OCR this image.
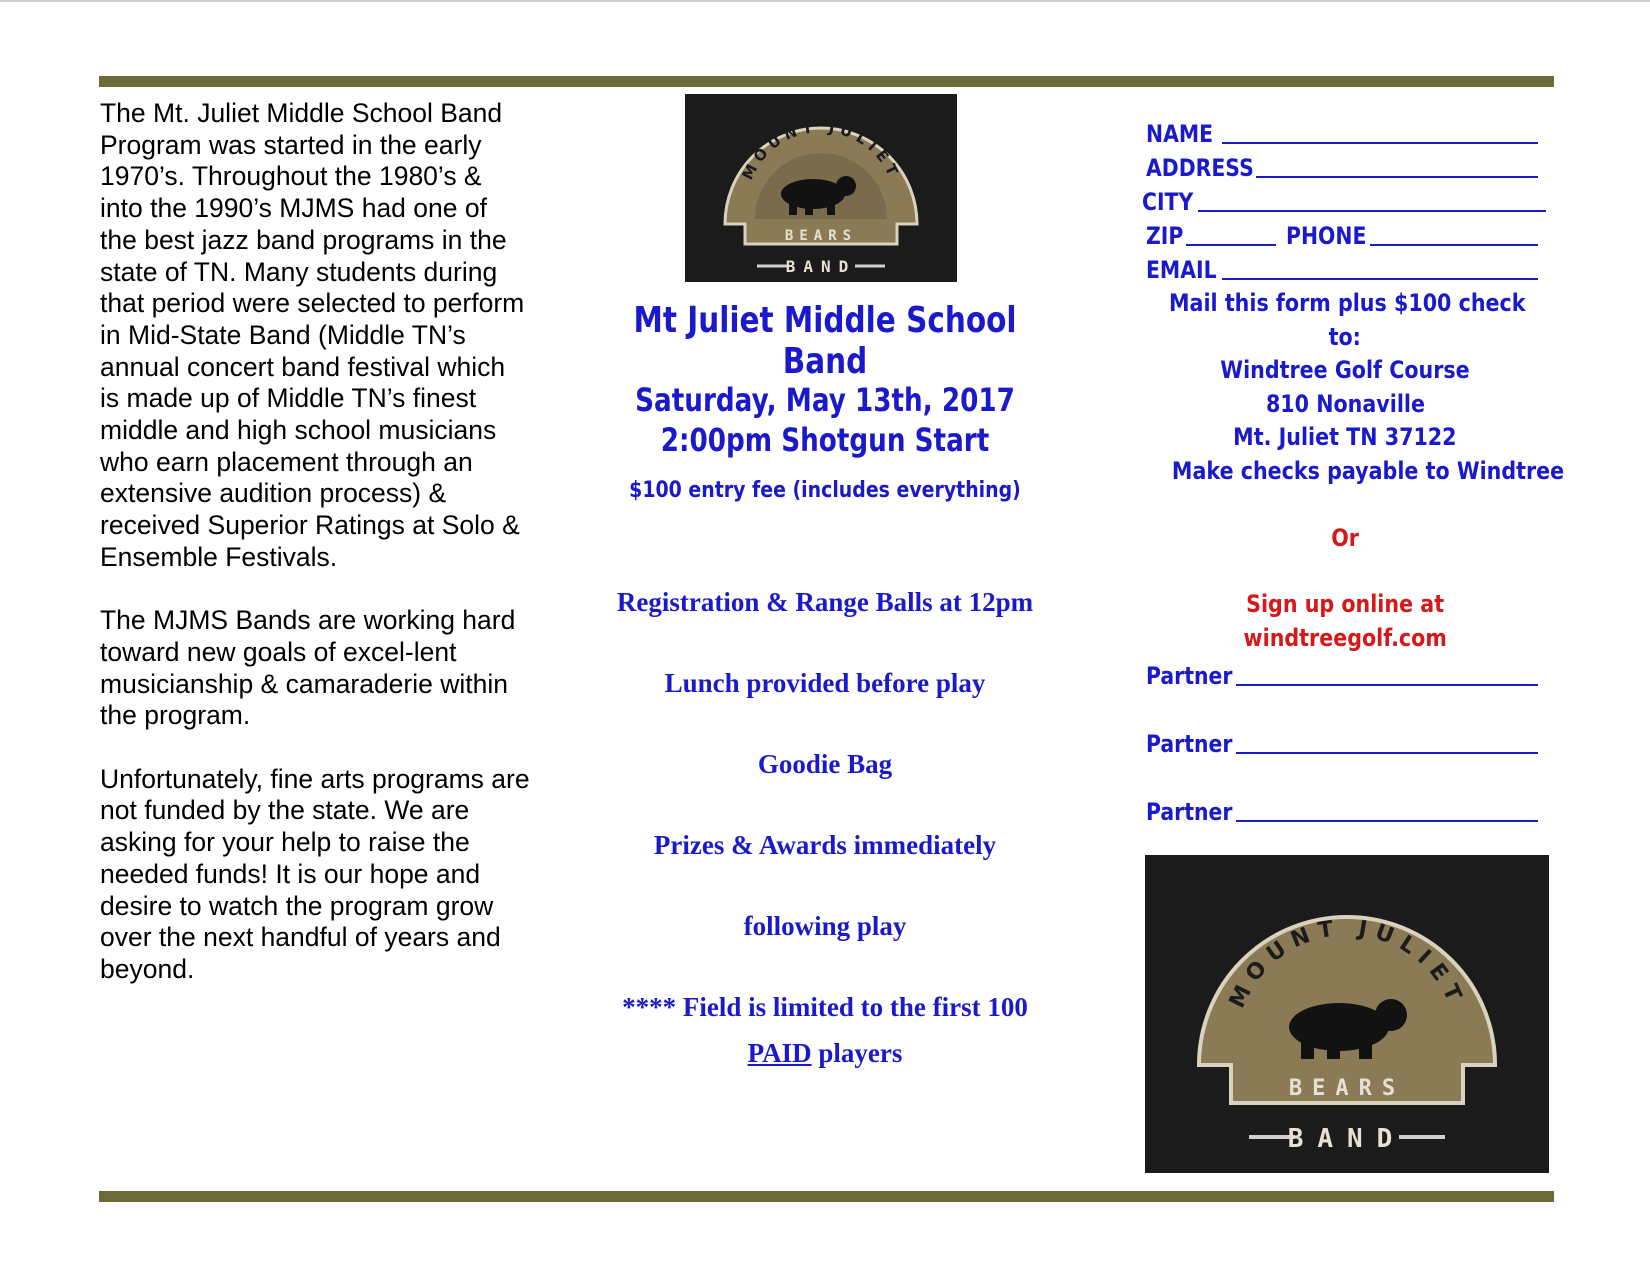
The Mt. Juliet Middle School Band Program was started in the early 1970’s. Throughout the 1980’s & into the 1990’s MJMS had one of the best jazz band programs in the state of TN. Many students during that period were selected to perform in Mid-State Band (Middle TN’s annual concert band festival which is made up of Middle TN’s finest middle and high school musicians who earn placement through an extensive audition process) & received Superior Ratings at Solo & Ensemble Festivals.

The MJMS Bands are working hard toward new goals of excel-lent musicianship & camaraderie within the program.

Unfortunately, fine arts programs are not funded by the state. We are asking for your help to raise the needed funds! It is our hope and desire to watch the program grow over the next handful of years and beyond.

MOUNT JULIET
BEARS
BAND
Mt Juliet Middle School Band
Saturday, May 13th, 2017
2:00pm Shotgun Start
$100 entry fee (includes everything)
Registration & Range Balls at 12pm
Lunch provided before play
Goodie Bag
Prizes & Awards immediately
following play
**** Field is limited to the first 100
PAID players
NAME
ADDRESS
CITY
ZIP	PHONE
EMAIL
Mail this form plus $100 check
to:
Windtree Golf Course
810 Nonaville
Mt. Juliet TN 37122
Make checks payable to Windtree
Or
Sign up online at
windtreegolf.com
Partner
Partner
Partner
MOUNT JULIET
BEARS
BAND
